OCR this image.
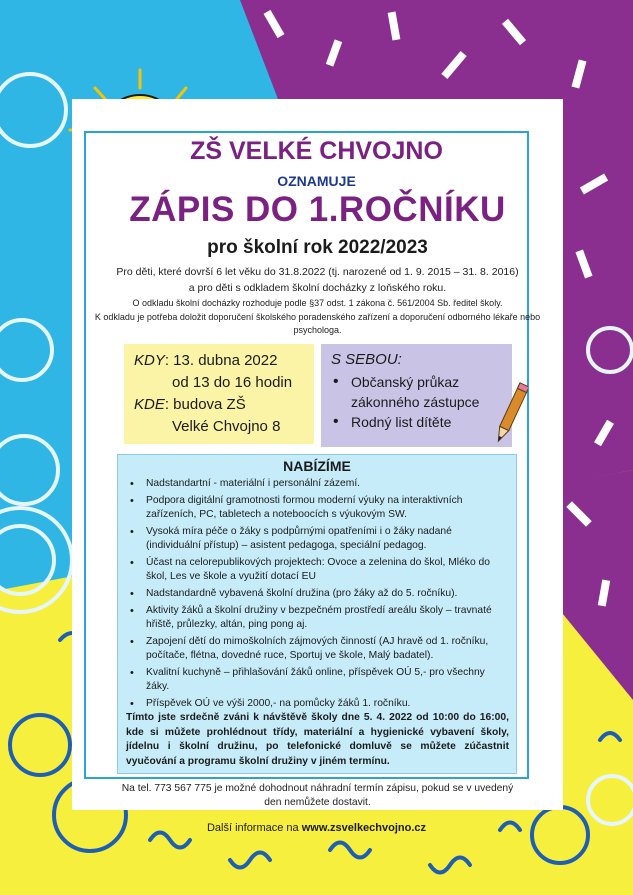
ZŠ VELKÉ CHVOJNO
OZNAMUJE
ZÁPIS DO 1.ROČNÍKU
pro školní rok 2022/2023
Pro děti, které dovrší 6 let věku do 31.8.2022 (tj. narozené od 1. 9. 2015 – 31. 8. 2016)
a pro děti s odkladem školní docházky z loňského roku.
O odkladu školní docházky rozhoduje podle §37 odst. 1 zákona č. 561/2004 Sb. ředitel školy.
K odkladu je potřeba doložit doporučení školského poradenského zařízení a doporučení odborného lékaře nebo psychologa.
KDY: 13. dubna 2022
od 13 do 16 hodin
KDE: budova ZŠ
Velké Chvojno 8
S SEBOU:
• Občanský průkaz zákonného zástupce
• Rodný list dítěte
NABÍZÍME
• Nadstandartní - materiální i personální zázemí.
• Podpora digitální gramotnosti formou moderní výuky na interaktivních zařízeních, PC, tabletech a noteboocích s výukovým SW.
• Vysoká míra péče o žáky s podpůrnými opatřeními i o žáky nadané (individuální přístup) – asistent pedagoga, speciální pedagog.
• Účast na celorepublikových projektech: Ovoce a zelenina do škol, Mléko do škol, Les ve škole a využití dotací EU
• Nadstandardně vybavená školní družina (pro žáky až do 5. ročníku).
• Aktivity žáků a školní družiny v bezpečném prostředí areálu školy – travnaté hřiště, průlezky, altán, ping pong aj.
• Zapojení dětí do mimoškolních zájmových činností (AJ hravě od 1. ročníku, počítače, flétna, dovedné ruce, Sportuj ve škole, Malý badatel).
• Kvalitní kuchyně – přihlašování žáků online, příspěvek OÚ 5,- pro všechny žáky.
• Příspěvek OÚ ve výši 2000,- na pomůcky žáků 1. ročníku.
Tímto jste srdečně zváni k návštěvě školy dne 5. 4. 2022 od 10:00 do 16:00, kde si můžete prohlédnout třídy, materiální a hygienické vybavení školy, jídelnu i školní družinu, po telefonické domluvě se můžete zúčastnit vyučování a programu školní družiny v jiném termínu.
Na tel. 773 567 775 je možné dohodnout náhradní termín zápisu, pokud se v uvedený
den nemůžete dostavit.
Další informace na www.zsvelkechvojno.cz
